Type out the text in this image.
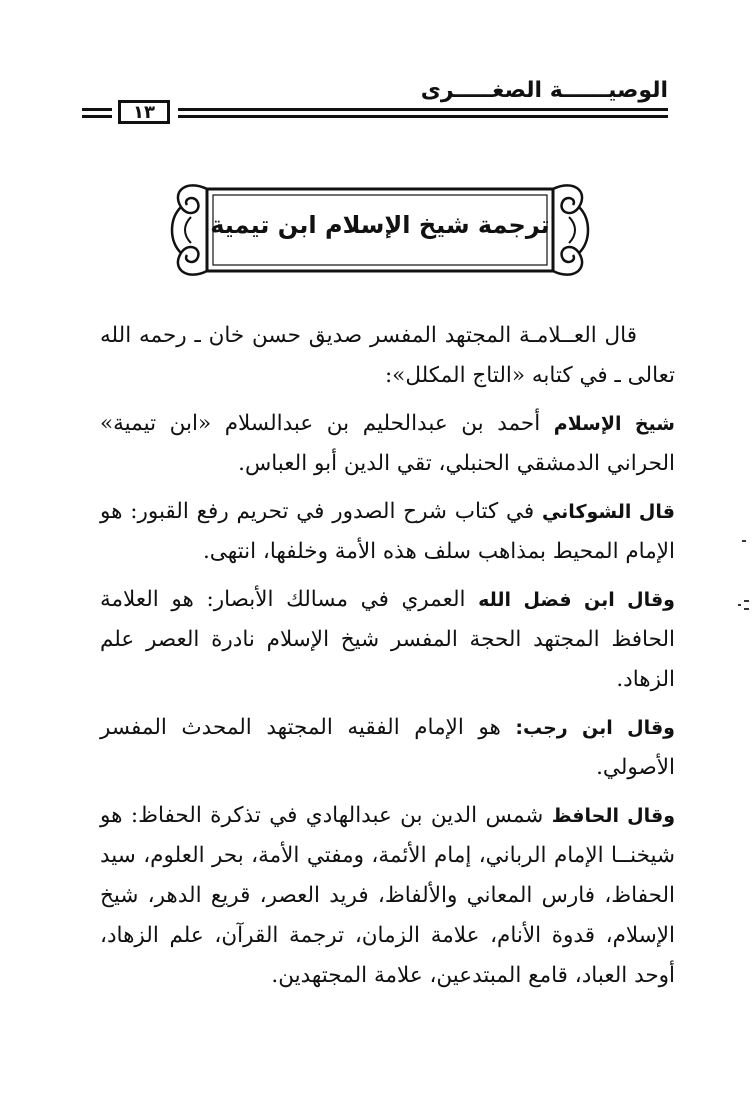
الوصيــــــة الصغـــــرى
١٣
ترجمة شيخ الإسلام ابن تيمية

قال العــلامـة المجتهد المفسر صديق حسن خان ـ رحمه الله تعالى ـ في كتابه «التاج المكلل»:

شيخ الإسلام أحمد بن عبدالحليم بن عبدالسلام «ابن تيمية» الحراني الدمشقي الحنبلي، تقي الدين أبو العباس.

قال الشوكاني في كتاب شرح الصدور في تحريم رفع القبور: هو الإمام المحيط بمذاهب سلف هذه الأمة وخلفها، انتهى.

وقال ابن فضل الله العمري في مسالك الأبصار: هو العلامة الحافظ المجتهد الحجة المفسر شيخ الإسلام نادرة العصر علم الزهاد.

وقال ابن رجب: هو الإمام الفقيه المجتهد المحدث المفسر الأصولي.

وقال الحافظ شمس الدين بن عبدالهادي في تذكرة الحفاظ: هو شيخنــا الإمام الرباني، إمام الأئمة، ومفتي الأمة، بحر العلوم، سيد الحفاظ، فارس المعاني والألفاظ، فريد العصر، قريع الدهر، شيخ الإسلام، قدوة الأنام، علامة الزمان، ترجمة القرآن، علم الزهاد، أوحد العباد، قامع المبتدعين، علامة المجتهدين.
